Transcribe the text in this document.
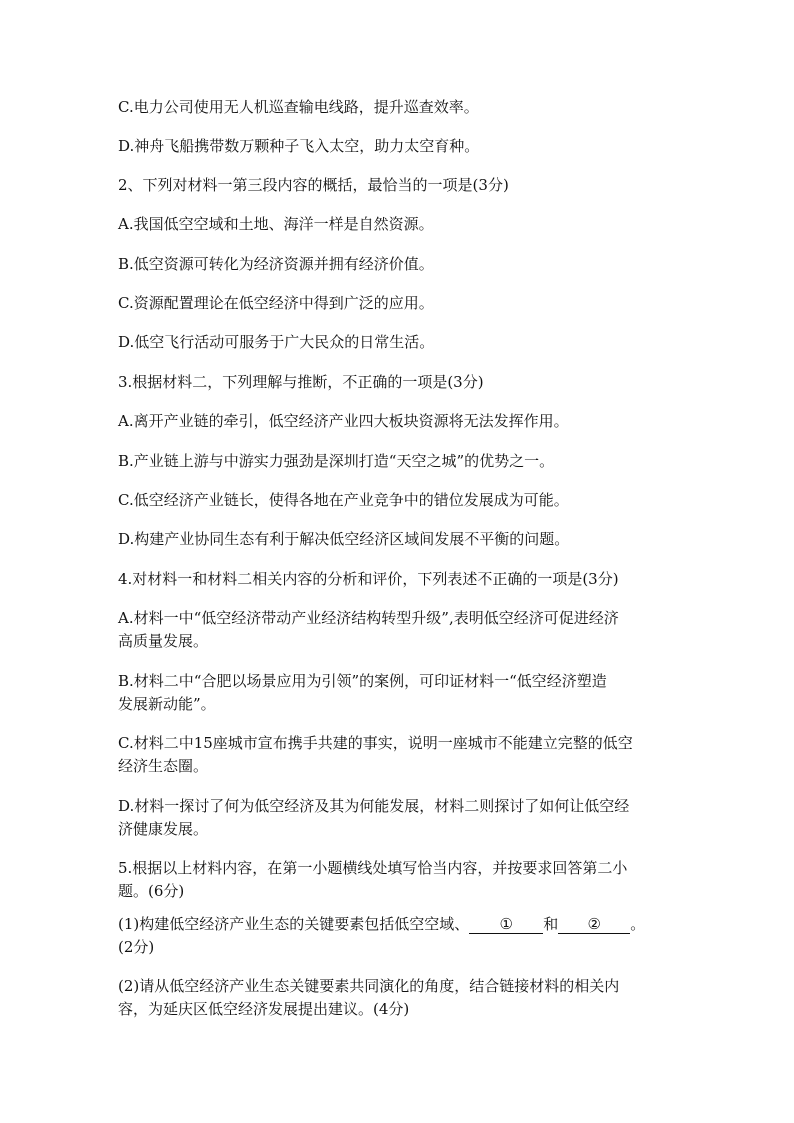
C.电力公司使用无人机巡查输电线路，提升巡查效率。
D.神舟飞船携带数万颗种子飞入太空，助力太空育种。
2、下列对材料一第三段内容的概括，最恰当的一项是(3分)
A.我国低空空域和土地、海洋一样是自然资源。
B.低空资源可转化为经济资源并拥有经济价值。
C.资源配置理论在低空经济中得到广泛的应用。
D.低空飞行活动可服务于广大民众的日常生活。
3.根据材料二，下列理解与推断，不正确的一项是(3分)
A.离开产业链的牵引，低空经济产业四大板块资源将无法发挥作用。
B.产业链上游与中游实力强劲是深圳打造“天空之城”的优势之一。
C.低空经济产业链长，使得各地在产业竞争中的错位发展成为可能。
D.构建产业协同生态有利于解决低空经济区域间发展不平衡的问题。
4.对材料一和材料二相关内容的分析和评价，下列表述不正确的一项是(3分)
A.材料一中“低空经济带动产业经济结构转型升级”,表明低空经济可促进经济
高质量发展。
B.材料二中“合肥以场景应用为引领”的案例，可印证材料一“低空经济塑造
发展新动能”。
C.材料二中15座城市宣布携手共建的事实，说明一座城市不能建立完整的低空
经济生态圈。
D.材料一探讨了何为低空经济及其为何能发展，材料二则探讨了如何让低空经
济健康发展。
5.根据以上材料内容，在第一小题横线处填写恰当内容，并按要求回答第二小
题。(6分)
(1)构建低空经济产业生态的关键要素包括低空空域、 ① 和 ② 。
(2分)
(2)请从低空经济产业生态关键要素共同演化的角度，结合链接材料的相关内
容，为延庆区低空经济发展提出建议。(4分)
